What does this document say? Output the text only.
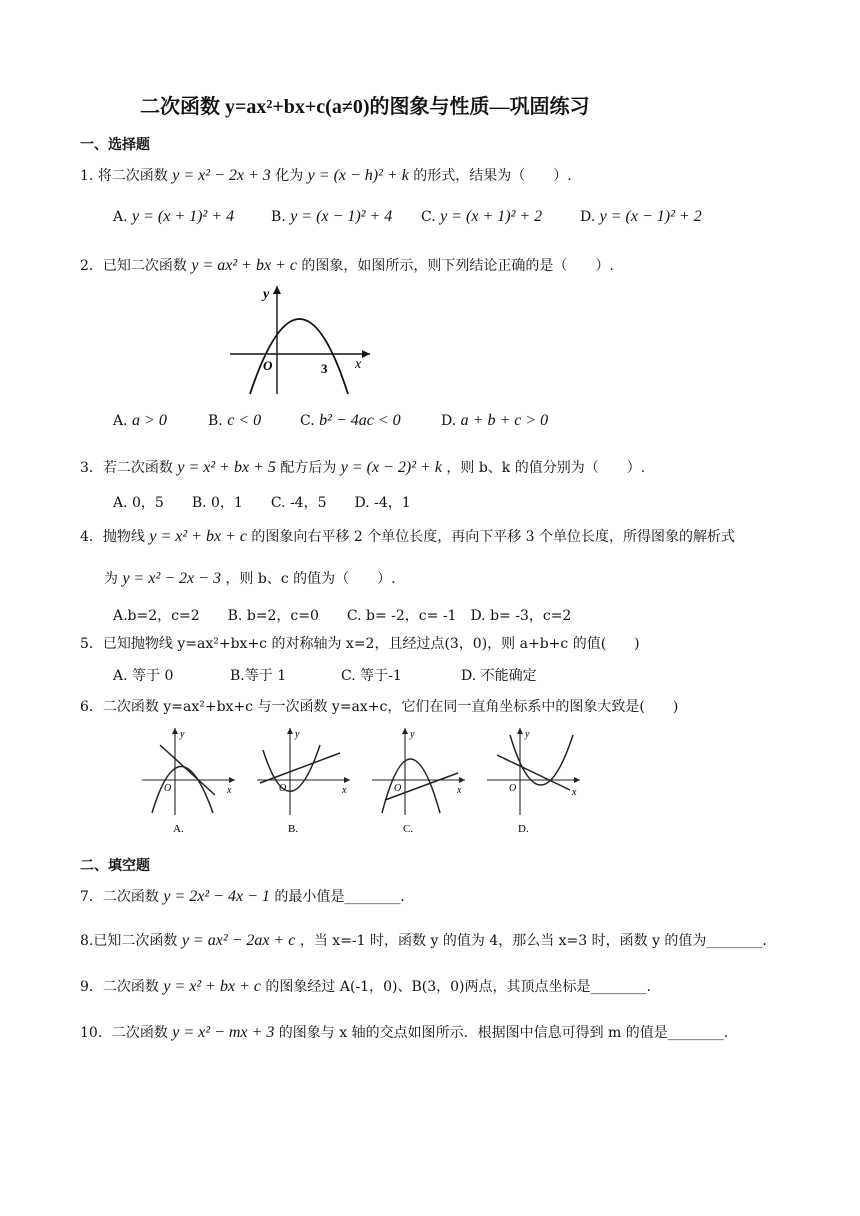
二次函数 y=ax²+bx+c(a≠0)的图象与性质—巩固练习
一、选择题
1. 将二次函数 y = x² − 2x + 3 化为 y = (x − h)² + k 的形式，结果为（　　）.
A. y = (x + 1)² + 4	B. y = (x − 1)² + 4 C. y = (x + 1)² + 2	D. y = (x − 1)² + 2
2．已知二次函数 y = ax² + bx + c 的图象，如图所示，则下列结论正确的是（　　）.
y
x
O	3
A. a > 0	B. c < 0	C. b² − 4ac < 0	D. a + b + c > 0
3．若二次函数 y = x² + bx + 5 配方后为 y = (x − 2)² + k ，则 b、k 的值分别为（　　）.
A. 0，5　　B. 0，1　　C. -4，5　　D. -4，1
4．抛物线 y = x² + bx + c 的图象向右平移 2 个单位长度，再向下平移 3 个单位长度，所得图象的解析式
为 y = x² − 2x − 3 ，则 b、c 的值为（　　）.
A.b=2，c=2　　B. b=2，c=0　　C. b= -2，c= -1　D. b= -3，c=2
5．已知抛物线 y=ax²+bx+c 的对称轴为 x=2，且经过点(3，0)，则 a+b+c 的值(　　)
A. 等于 0	B.等于 1	C. 等于-1	D. 不能确定
6．二次函数 y=ax²+bx+c 与一次函数 y=ax+c，它们在同一直角坐标系中的图象大致是(　　)
y
x
O
A.
y
x
O
B.
y
x
O
C.
y
x
O
D.
二、填空题
7．二次函数 y = 2x² − 4x − 1 的最小值是________.
8.已知二次函数 y = ax² − 2ax + c ，当 x=-1 时，函数 y 的值为 4，那么当 x=3 时，函数 y 的值为________.
9．二次函数 y = x² + bx + c 的图象经过 A(-1，0)、B(3，0)两点，其顶点坐标是________.
10．二次函数 y = x² − mx + 3 的图象与 x 轴的交点如图所示．根据图中信息可得到 m 的值是________.
